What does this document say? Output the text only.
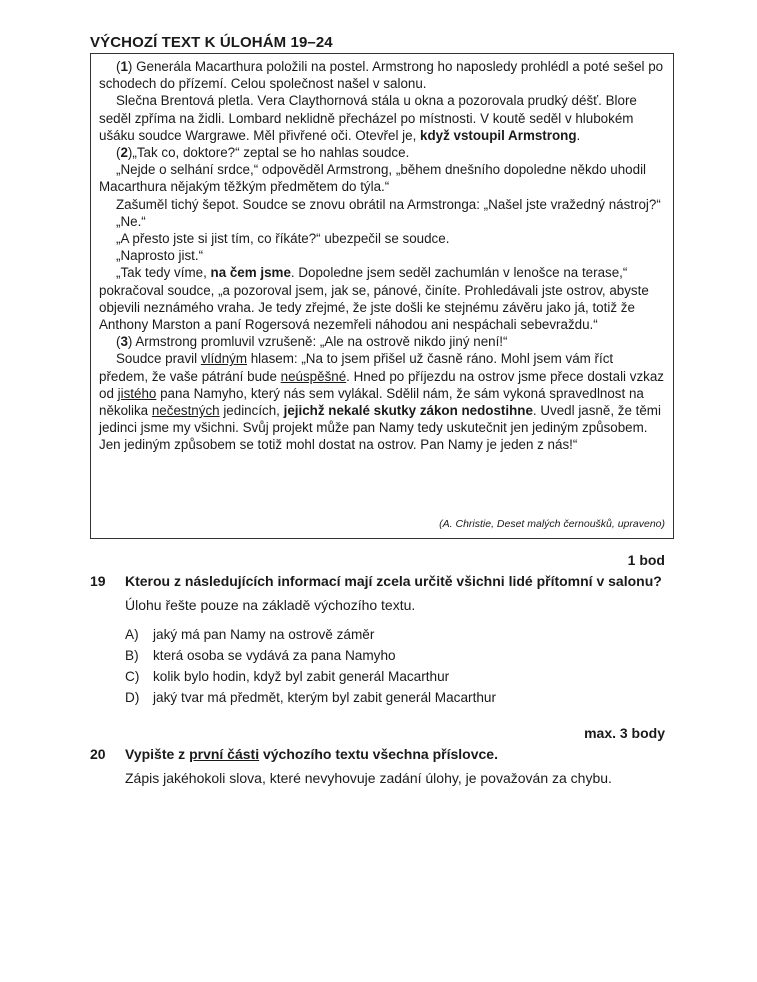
VÝCHOZÍ TEXT K ÚLOHÁM 19–24

(1) Generála Macarthura položili na postel. Armstrong ho naposledy prohlédl a poté sešel po schodech do přízemí. Celou společnost našel v salonu.

Slečna Brentová pletla. Vera Claythornová stála u okna a pozorovala prudký déšť. Blore seděl zpříma na židli. Lombard neklidně přecházel po místnosti. V koutě seděl v hlubokém ušáku soudce Wargrawe. Měl přivřené oči. Otevřel je, když vstoupil Armstrong.

(2)„Tak co, doktore?“ zeptal se ho nahlas soudce.

„Nejde o selhání srdce,“ odpověděl Armstrong, „během dnešního dopoledne někdo uhodil Macarthura nějakým těžkým předmětem do týla.“

Zašuměl tichý šepot. Soudce se znovu obrátil na Armstronga: „Našel jste vražedný nástroj?“

„Ne.“

„A přesto jste si jist tím, co říkáte?“ ubezpečil se soudce.

„Naprosto jist.“

„Tak tedy víme, na čem jsme. Dopoledne jsem seděl zachumlán v lenošce na terase,“ pokračoval soudce, „a pozoroval jsem, jak se, pánové, činíte. Prohledávali jste ostrov, abyste objevili neznámého vraha. Je tedy zřejmé, že jste došli ke stejnému závěru jako já, totiž že Anthony Marston a paní Rogersová nezemřeli náhodou ani nespáchali sebevraždu.“

(3) Armstrong promluvil vzrušeně: „Ale na ostrově nikdo jiný není!“

Soudce pravil vlídným hlasem: „Na to jsem přišel už časně ráno. Mohl jsem vám říct předem, že vaše pátrání bude neúspěšné. Hned po příjezdu na ostrov jsme přece dostali vzkaz od jistého pana Namyho, který nás sem vylákal. Sdělil nám, že sám vykoná spravedlnost na několika nečestných jedincích, jejichž nekalé skutky zákon nedostihne. Uvedl jasně, že těmi jedinci jsme my všichni. Svůj projekt může pan Namy tedy uskutečnit jen jediným způsobem. Jen jediným způsobem se totiž mohl dostat na ostrov. Pan Namy je jeden z nás!“

(A. Christie, Deset malých černoušků, upraveno)
1 bod
19 Kterou z následujících informací mají zcela určitě všichni lidé přítomní v salonu?
Úlohu řešte pouze na základě výchozího textu.
A) jaký má pan Namy na ostrově záměr
B) která osoba se vydává za pana Namyho
C) kolik bylo hodin, když byl zabit generál Macarthur
D) jaký tvar má předmět, kterým byl zabit generál Macarthur
max. 3 body
20 Vypište z první části výchozího textu všechna příslovce.
Zápis jakéhokoli slova, které nevyhovuje zadání úlohy, je považován za chybu.
